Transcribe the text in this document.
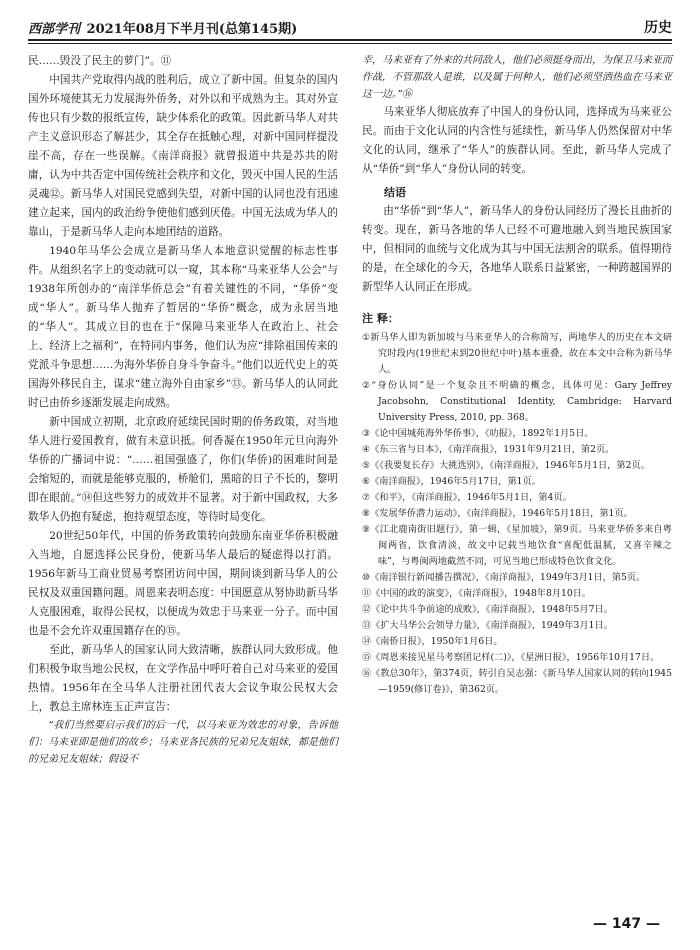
西部学刊 2021年08月下半月刊(总第145期)	历史

民……毁没了民主的萝门”。⑪

中国共产党取得内战的胜利后，成立了新中国。但复杂的国内国外环境使其无力发展海外侨务，对外以和平成熟为主。其对外宣传也只有少数的报纸宣传，缺少体系化的政策。因此新马华人对共产主义意识形态了解甚少，其全存在抵触心理，对新中国同样提没崖不高，存在一些误解。《南洋商报》就曾报道中共是苏共的附庸，认为中共否定中国传统社会秩序和文化，毁灭中国人民的生活灵魂⑫。新马华人对国民党感到失望，对新中国的认同也没有迅速建立起来，国内的政治纷争使他们感到厌倦。中国无法成为华人的靠山，于是新马华人走向本地团结的道路。

1940年马华公会成立是新马华人本地意识觉醒的标志性事件。从组织名字上的变动就可以一窥，其本称“马来亚华人公会”与1938年所创办的“南洋华侨总会”有着关键性的不同，“华侨”变成“华人”。新马华人抛弃了暂居的“华侨”概念，成为永居当地的“华人”。其成立目的也在于“保障马来亚华人在政治上、社会上、经济上之福利”，在特同内事务，他们认为应“排除祖国传来的党派斗争思想……为海外华侨自身斗争奋斗。”他们以近代史上的英国海外移民自主，谋求“建立海外自由家乡”⑬。新马华人的认同此时已由侨乡逐渐发展走向成熟。

新中国成立初期，北京政府延续民国时期的侨务政策，对当地华人进行爱国教育，做有未意识抵。何香凝在1950年元旦向海外华侨的广播词中说：“……祖国强盛了，你们(华侨)的困难时间是会缩短的，而就是能够克服的，桥舱们，黑暗的日子不长的，黎明即在眼前。”⑭但这些努力的成效并不显著。对于新中国政权，大多数华人仍抱有疑虑，抱持观望态度，等待时局变化。

20世纪50年代，中国的侨务政策转向鼓励东南亚华侨积极融入当地，自愿选择公民身份，使新马华人最后的疑虑得以打消。1956年新马工商业贸易考察团访问中国，期间谈到新马华人的公民权及双重国籍问题。周恩来表明态度：中国愿意从努协助新马华人克服困难，取得公民权，以便成为效忠于马来亚一分子。而中国也是不会允许双重国籍存在的⑮。

至此，新马华人的国家认同大致清晰，族群认同大致形成。他们积极争取当地公民权，在文学作品中呼吁着自己对马来亚的爱国热情。1956年在全马华人注册社团代表大会议争取公民权大会上，教总主席林连玉正声宣告：

“我们当然要启示我们的后一代，以马来亚为效忠的对象，告诉他们：马来亚即是他们的故乡；马来亚各民族的兄弟兄友姐妹，都是他们的兄弟兄友姐妹；假设不

幸，马来亚有了外来的共同敌人，他们必须挺身而出，为保卫马来亚而作战，不管那敌人是谁，以及属于何种人，他们必须坚洒热血在马来亚这一边。”⑯

马来亚华人彻底放弃了中国人的身份认同，选择成为马来亚公民。而由于文化认同的内含性与延续性，新马华人仍然保留对中华文化的认同，继承了“华人”的族群认同。至此，新马华人完成了从“华侨”到“华人”身份认同的转变。

结语

由“华侨”到“华人”，新马华人的身份认同经历了漫长且曲折的转变。现在，新马各地的华人已经不可避地融入到当地民族国家中，但相同的血统与文化成为其与中国无法割舍的联系。值得期待的是，在全球化的今天，各地华人联系日益紧密，一种跨越国界的新型华人认同正在形成。

注 释：
①新马华人即为新加坡与马来亚华人的合称简写，两地华人的历史在本文研究时段内(19世纪末到20世纪中叶)基本重叠，故在本文中合称为新马华人。
②“身份认同”是一个复杂且不明确的概念，具体可见：Gary Jeffrey Jacobsohn, Constitutional Identity, Cambridge: Harvard University Press, 2010, pp. 368。
③《论中国城苑海外华侨事》，《叻报》，1892年1月5日。
④《东三省与日本》，《南洋商报》，1931年9月21日，第2页。
⑤《《我要复长存》大挑选别》，《南洋商报》，1946年5月1日，第2页。
⑥《南洋商报》，1946年5月17日，第1页。
⑦《和平》，《南洋商报》，1946年5月1日，第4页。
⑧《发展华侨潜力运动》，《南洋商报》，1946年5月18日，第1页。
⑨《江北鹿南街旧题行》，第一辑，《星加坡》，第9页。马来亚华侨多来自粤闽两省，饮食清淡，故文中记载当地饮食“喜配低温腻，又喜辛辣之味”，与粤闽两地截然不同，可见当地已形成特色饮食文化。
⑩《南洋银行新闻播告撰况》，《南洋商报》，1949年3月1日，第5页。
⑪《中国的政的演变》，《南洋商报》，1948年8月10日。
⑫《论中共斗争前途的成败》，《南洋商报》，1948年5月7日。
⑬《扩大马华公会领导力量》，《南洋商报》，1949年3月1日。
⑭《南侨日报》，1950年1月6日。
⑮《周恩来接见星马考察团记样(二)》，《星洲日报》，1956年10月17日。
⑯《教总30年》，第374页，转引自吴志强：《新马华人国家认同的转向1945—1959(修订卷)》，第362页。
— 147 —
